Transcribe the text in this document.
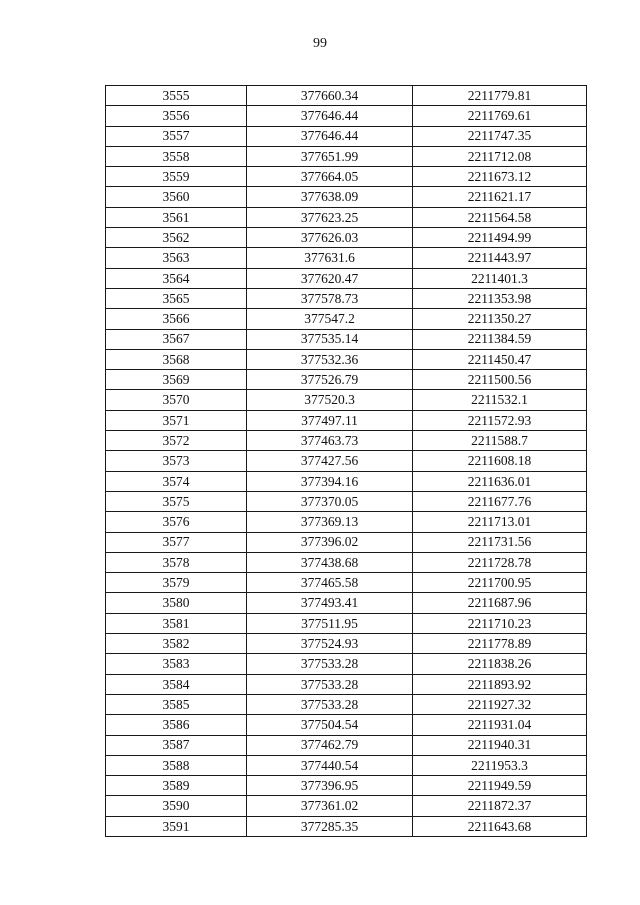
99
3555	377660.34	2211779.81
3556	377646.44	2211769.61
3557	377646.44	2211747.35
3558	377651.99	2211712.08
3559	377664.05	2211673.12
3560	377638.09	2211621.17
3561	377623.25	2211564.58
3562	377626.03	2211494.99
3563	377631.6	2211443.97
3564	377620.47	2211401.3
3565	377578.73	2211353.98
3566	377547.2	2211350.27
3567	377535.14	2211384.59
3568	377532.36	2211450.47
3569	377526.79	2211500.56
3570	377520.3	2211532.1
3571	377497.11	2211572.93
3572	377463.73	2211588.7
3573	377427.56	2211608.18
3574	377394.16	2211636.01
3575	377370.05	2211677.76
3576	377369.13	2211713.01
3577	377396.02	2211731.56
3578	377438.68	2211728.78
3579	377465.58	2211700.95
3580	377493.41	2211687.96
3581	377511.95	2211710.23
3582	377524.93	2211778.89
3583	377533.28	2211838.26
3584	377533.28	2211893.92
3585	377533.28	2211927.32
3586	377504.54	2211931.04
3587	377462.79	2211940.31
3588	377440.54	2211953.3
3589	377396.95	2211949.59
3590	377361.02	2211872.37
3591	377285.35	2211643.68
